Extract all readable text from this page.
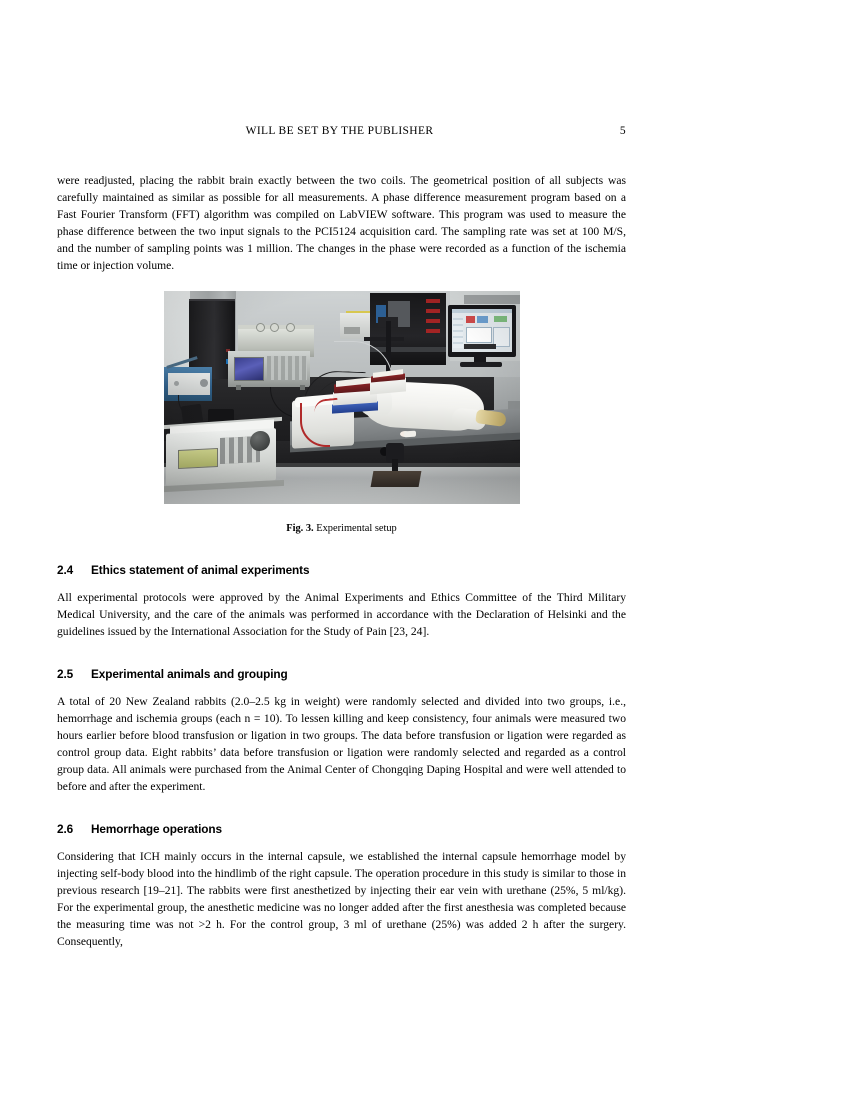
WILL BE SET BY THE PUBLISHER	5

were readjusted, placing the rabbit brain exactly between the two coils. The geometrical position of all subjects was carefully maintained as similar as possible for all measurements. A phase difference measurement program based on a Fast Fourier Transform (FFT) algorithm was compiled on LabVIEW software. This program was used to measure the phase difference between the two input signals to the PCI5124 acquisition card. The sampling rate was set at 100 M/S, and the number of sampling points was 1 million. The changes in the phase were recorded as a function of the ischemia time or injection volume.

Fig. 3. Experimental setup
2.4 Ethics statement of animal experiments

All experimental protocols were approved by the Animal Experiments and Ethics Committee of the Third Military Medical University, and the care of the animals was performed in accordance with the Declaration of Helsinki and the guidelines issued by the International Association for the Study of Pain [23, 24].

2.5 Experimental animals and grouping

A total of 20 New Zealand rabbits (2.0–2.5 kg in weight) were randomly selected and divided into two groups, i.e., hemorrhage and ischemia groups (each n = 10). To lessen killing and keep consistency, four animals were measured two hours earlier before blood transfusion or ligation in two groups. The data before transfusion or ligation were regarded as control group data. Eight rabbits’ data before transfusion or ligation were randomly selected and regarded as a control group data. All animals were purchased from the Animal Center of Chongqing Daping Hospital and were well attended to before and after the experiment.

2.6 Hemorrhage operations

Considering that ICH mainly occurs in the internal capsule, we established the internal capsule hemorrhage model by injecting self-body blood into the hindlimb of the right capsule. The operation procedure in this study is similar to those in previous research [19–21]. The rabbits were first anesthetized by injecting their ear vein with urethane (25%, 5 ml/kg). For the experimental group, the anesthetic medicine was no longer added after the first anesthesia was completed because the measuring time was not >2 h. For the control group, 3 ml of urethane (25%) was added 2 h after the surgery. Consequently,
